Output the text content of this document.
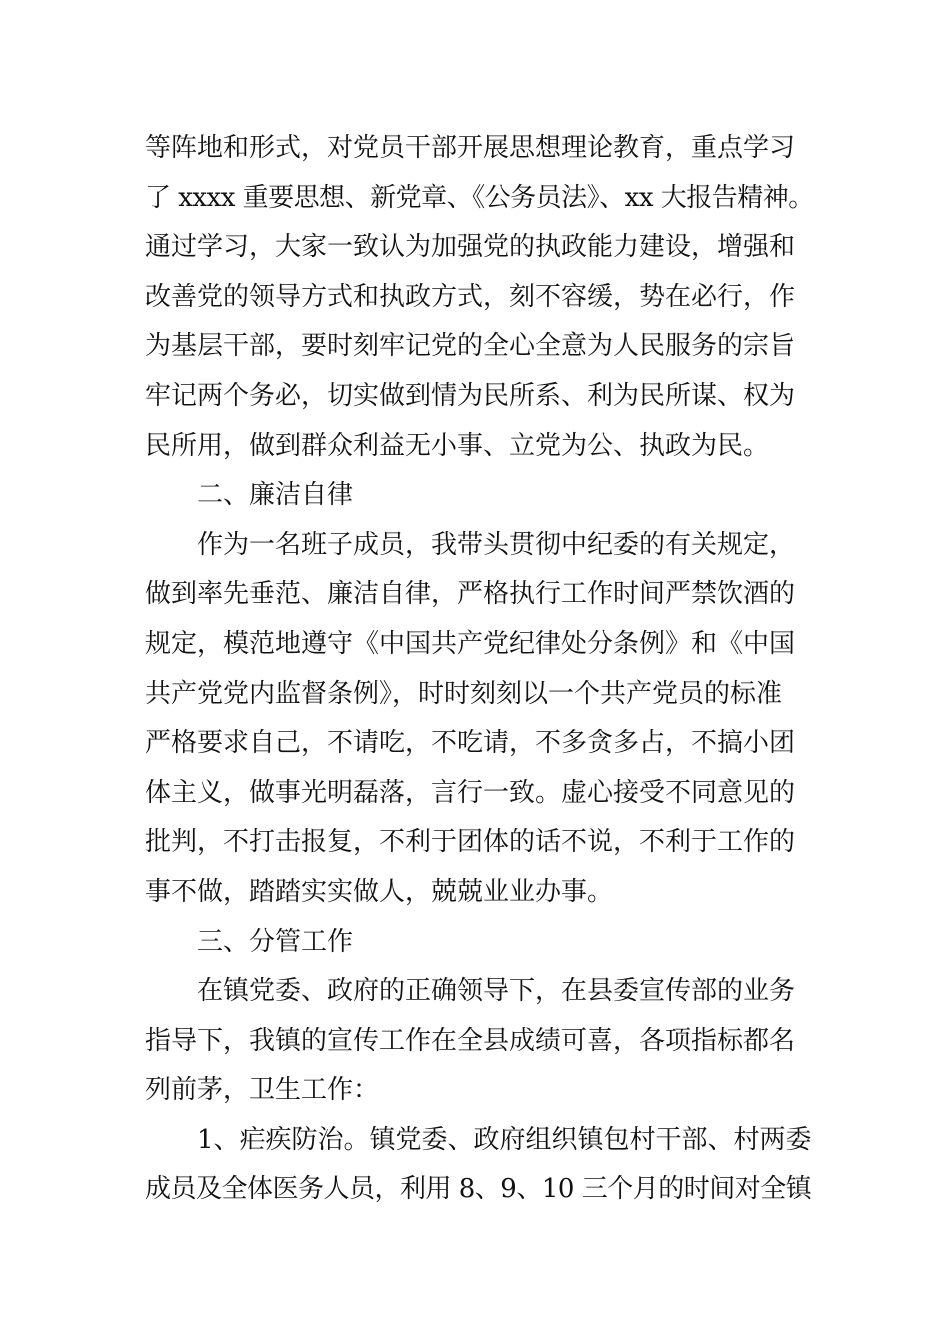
等阵地和形式，对党员干部开展思想理论教育，重点学习
了 xxxx 重要思想、新党章、《公务员法》、xx 大报告精神。
通过学习，大家一致认为加强党的执政能力建设，增强和
改善党的领导方式和执政方式，刻不容缓，势在必行，作
为基层干部，要时刻牢记党的全心全意为人民服务的宗旨
牢记两个务必，切实做到情为民所系、利为民所谋、权为
民所用，做到群众利益无小事、立党为公、执政为民。
二、廉洁自律
作为一名班子成员，我带头贯彻中纪委的有关规定，
做到率先垂范、廉洁自律，严格执行工作时间严禁饮酒的
规定，模范地遵守《中国共产党纪律处分条例》和《中国
共产党党内监督条例》，时时刻刻以一个共产党员的标准
严格要求自己，不请吃，不吃请，不多贪多占，不搞小团
体主义，做事光明磊落，言行一致。虚心接受不同意见的
批判，不打击报复，不利于团体的话不说，不利于工作的
事不做，踏踏实实做人，兢兢业业办事。
三、分管工作
在镇党委、政府的正确领导下，在县委宣传部的业务
指导下，我镇的宣传工作在全县成绩可喜，各项指标都名
列前茅，卫生工作：
1、疟疾防治。镇党委、政府组织镇包村干部、村两委
成员及全体医务人员，利用 8、9、10 三个月的时间对全镇
